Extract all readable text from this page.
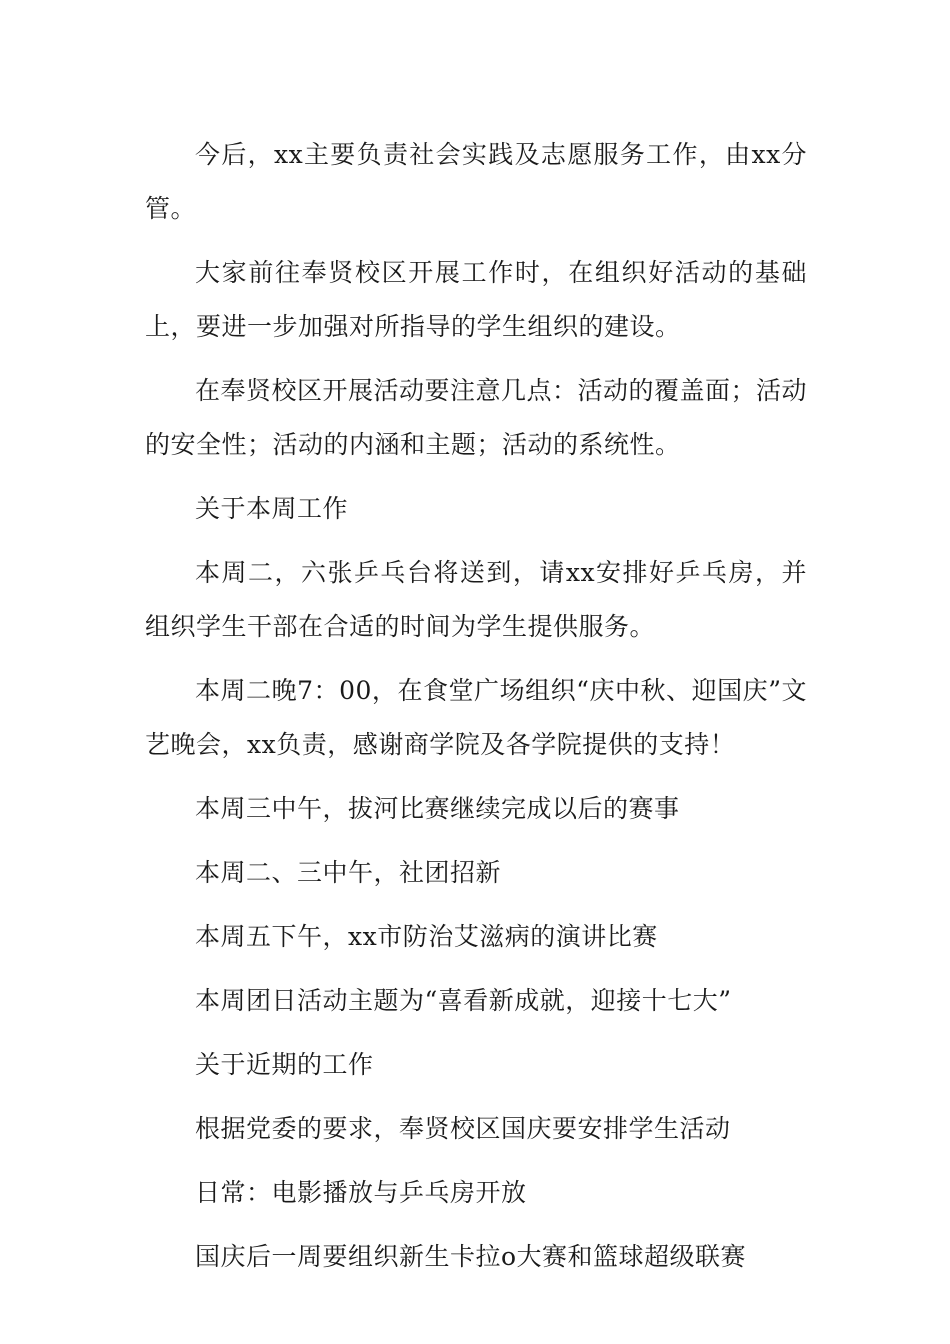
今后，xx主要负责社会实践及志愿服务工作，由xx分管。

大家前往奉贤校区开展工作时，在组织好活动的基础上，要进一步加强对所指导的学生组织的建设。

在奉贤校区开展活动要注意几点：活动的覆盖面；活动的安全性；活动的内涵和主题；活动的系统性。

关于本周工作

本周二，六张乒乓台将送到，请xx安排好乒乓房，并组织学生干部在合适的时间为学生提供服务。

本周二晚7：00，在食堂广场组织“庆中秋、迎国庆”文艺晚会，xx负责，感谢商学院及各学院提供的支持！

本周三中午，拔河比赛继续完成以后的赛事

本周二、三中午，社团招新

本周五下午，xx市防治艾滋病的演讲比赛

本周团日活动主题为“喜看新成就，迎接十七大”

关于近期的工作

根据党委的要求，奉贤校区国庆要安排学生活动

日常：电影播放与乒乓房开放

国庆后一周要组织新生卡拉o大赛和篮球超级联赛
